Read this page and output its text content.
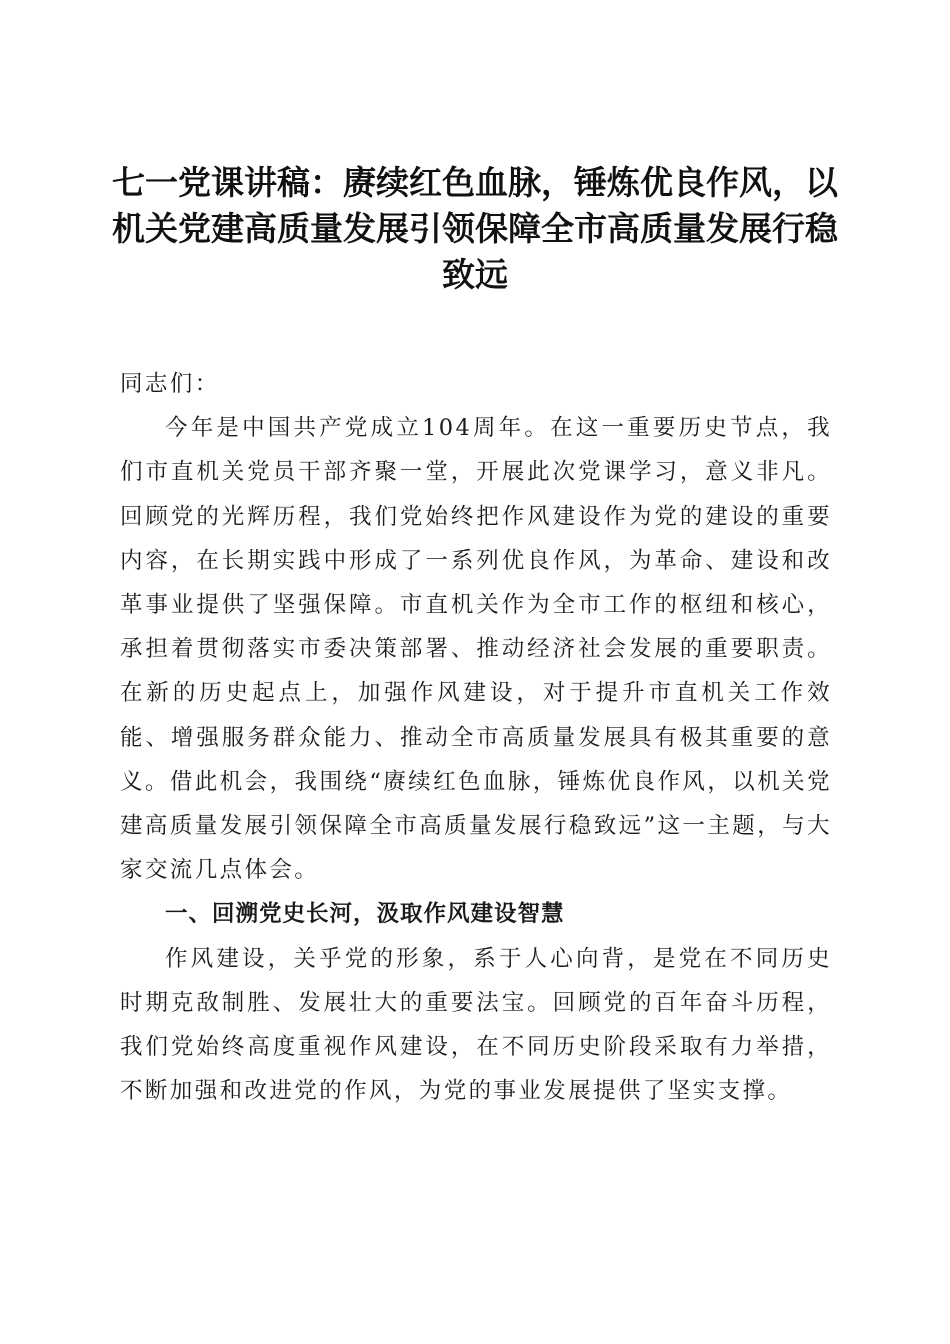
七一党课讲稿：赓续红色血脉，锤炼优良作风，以机关党建高质量发展引领保障全市高质量发展行稳致远

同志们：

今年是中国共产党成立104周年。在这一重要历史节点，我们市直机关党员干部齐聚一堂，开展此次党课学习，意义非凡。回顾党的光辉历程，我们党始终把作风建设作为党的建设的重要内容，在长期实践中形成了一系列优良作风，为革命、建设和改革事业提供了坚强保障。市直机关作为全市工作的枢纽和核心，承担着贯彻落实市委决策部署、推动经济社会发展的重要职责。在新的历史起点上，加强作风建设，对于提升市直机关工作效能、增强服务群众能力、推动全市高质量发展具有极其重要的意义。借此机会，我围绕“赓续红色血脉，锤炼优良作风，以机关党建高质量发展引领保障全市高质量发展行稳致远”这一主题，与大家交流几点体会。

一、回溯党史长河，汲取作风建设智慧

作风建设，关乎党的形象，系于人心向背，是党在不同历史时期克敌制胜、发展壮大的重要法宝。回顾党的百年奋斗历程，我们党始终高度重视作风建设，在不同历史阶段采取有力举措，不断加强和改进党的作风，为党的事业发展提供了坚实支撑。
